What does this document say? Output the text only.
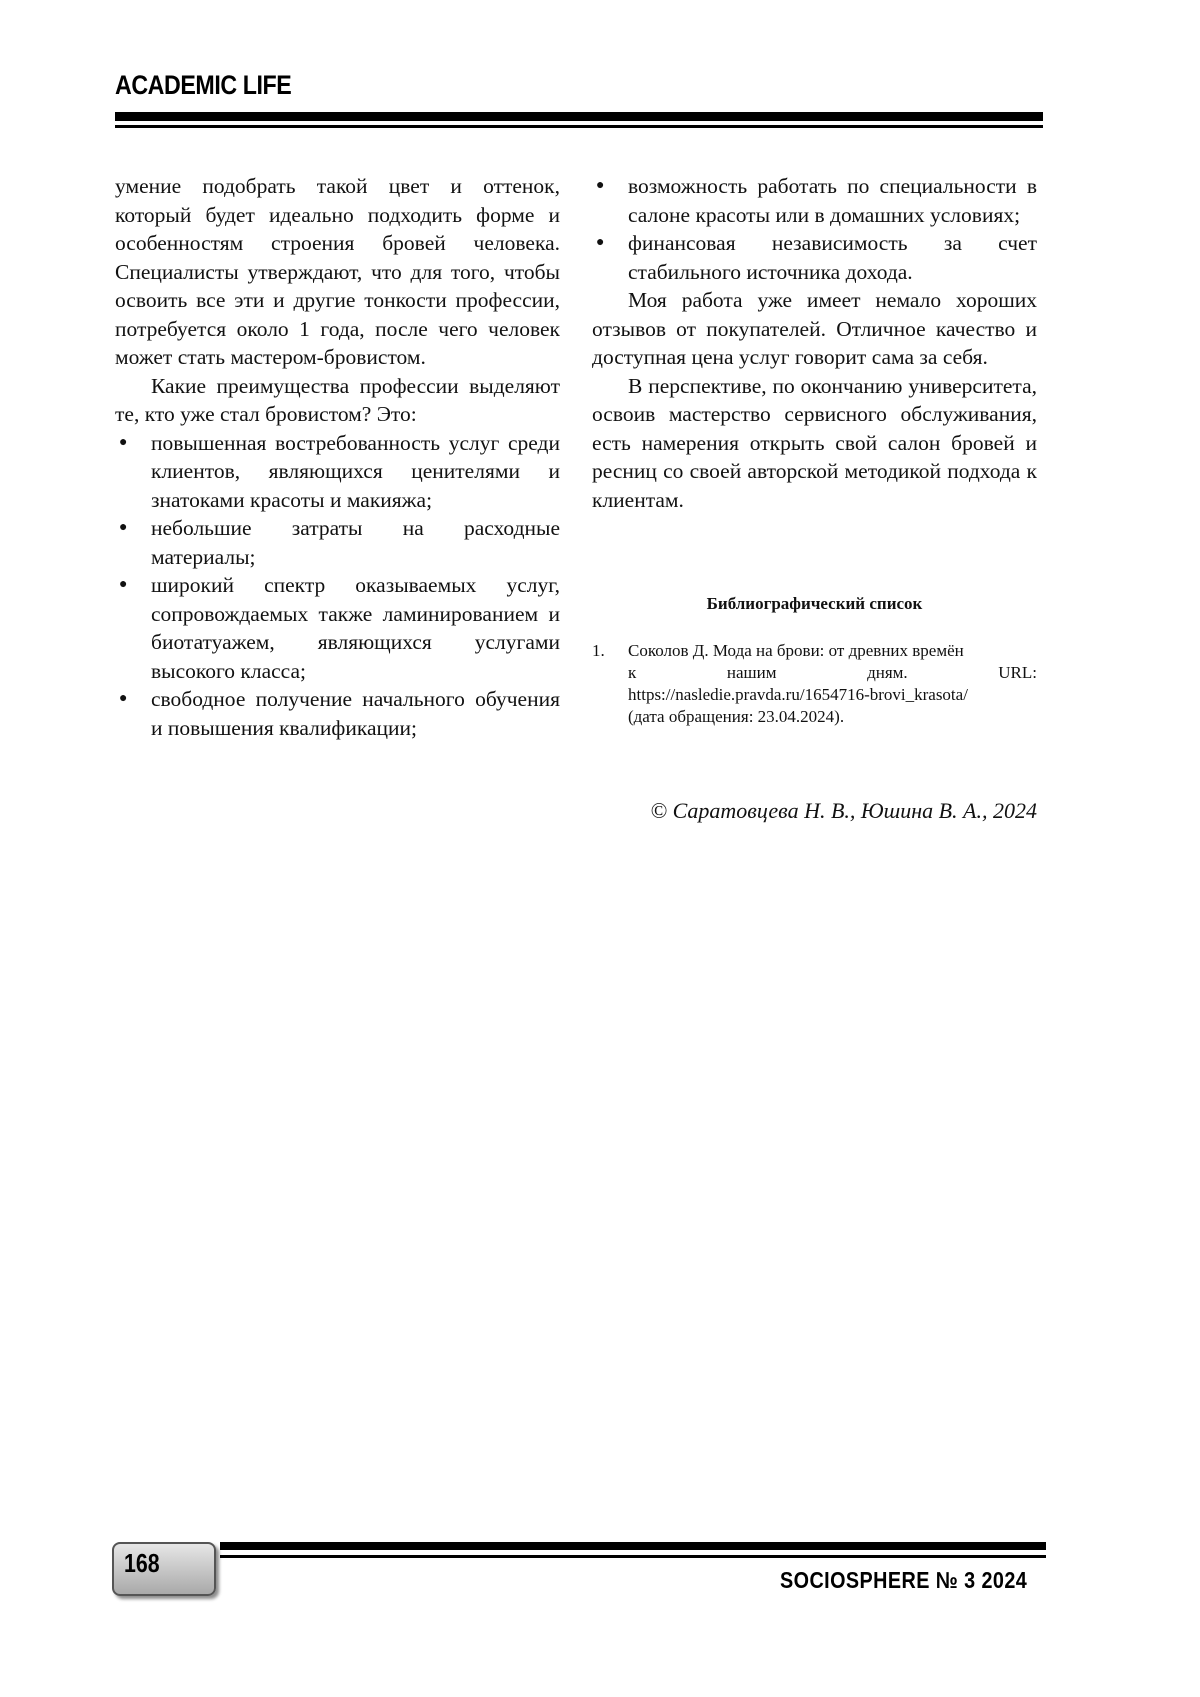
ACADEMIC LIFE

умение подобрать такой цвет и оттенок, который будет идеально подходить форме и особенностям строения бровей человека. Специалисты утверждают, что для того, чтобы освоить все эти и другие тонкости профессии, потребуется около 1 года, после чего человек может стать мастером-бровистом.

Какие преимущества профессии выделяют те, кто уже стал бровистом? Это:

● повышенная востребованность услуг среди клиентов, являющихся ценителями и знатоками красоты и макияжа;
● небольшие затраты на расходные материалы;
● широкий спектр оказываемых услуг, сопровождаемых также ламинированием и биотатуажем, являющихся услугами высокого класса;
● свободное получение начального обучения и повышения квалификации;
● возможность работать по специальности в салоне красоты или в домашних условиях;
● финансовая независимость за счет стабильного источника дохода.

Моя работа уже имеет немало хороших отзывов от покупателей. Отличное качество и доступная цена услуг говорит сама за себя.

В перспективе, по окончанию университета, освоив мастерство сервисного обслуживания, есть намерения открыть свой салон бровей и ресниц со своей авторской методикой подхода к клиентам.

Библиографический список
1. Соколов Д. Мода на брови: от древних времён
к	нашим	дням.	URL:
https://nasledie.pravda.ru/1654716-brovi_krasota/
(дата обращения: 23.04.2024).
© Саратовцева Н. В., Юшина В. А., 2024
168
SOCIOSPHERE № 3 2024
